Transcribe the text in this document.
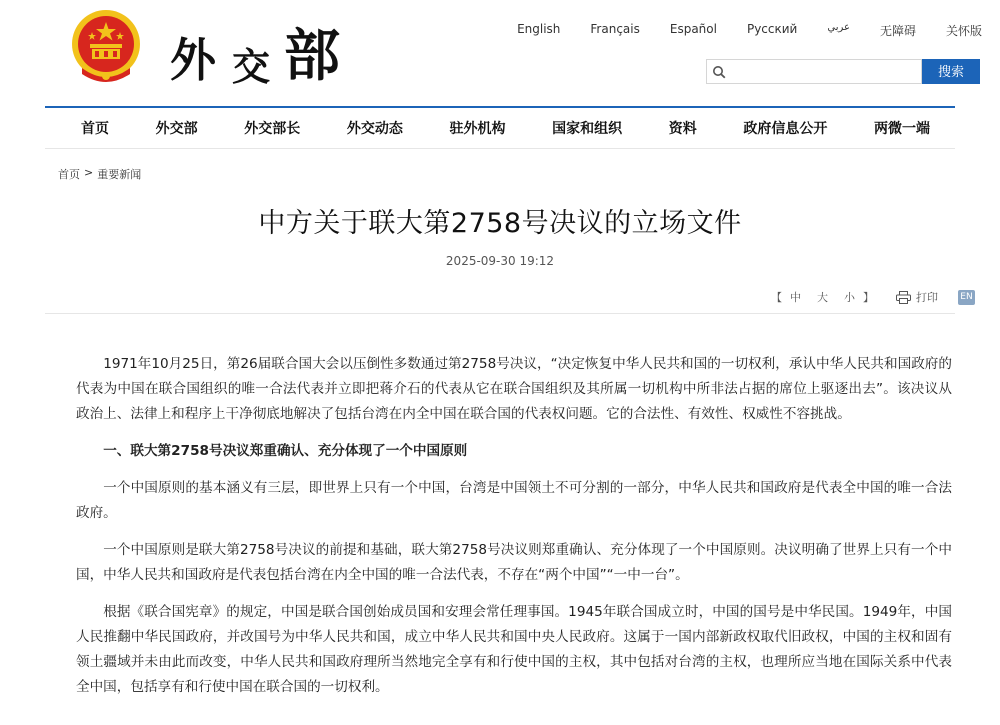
外 交 部	English	Français	Español	Русский	عربي	无障碍	关怀版
搜索
首页	外交部	外交部长	外交动态	驻外机构	国家和组织	资料	政府信息公开	两微一端
首页 > 重要新闻
中方关于联大第2758号决议的立场文件
2025-09-30 19:12
【 中 大 小 】	打印 EN

1971年10月25日，第26届联合国大会以压倒性多数通过第2758号决议，“决定恢复中华人民共和国的一切权利，承认中华人民共和国政府的代表为中国在联合国组织的唯一合法代表并立即把蒋介石的代表从它在联合国组织及其所属一切机构中所非法占据的席位上驱逐出去”。该决议从政治上、法律上和程序上干净彻底地解决了包括台湾在内全中国在联合国的代表权问题。它的合法性、有效性、权威性不容挑战。

一、联大第2758号决议郑重确认、充分体现了一个中国原则

一个中国原则的基本涵义有三层，即世界上只有一个中国，台湾是中国领土不可分割的一部分，中华人民共和国政府是代表全中国的唯一合法政府。

一个中国原则是联大第2758号决议的前提和基础，联大第2758号决议则郑重确认、充分体现了一个中国原则。决议明确了世界上只有一个中国，中华人民共和国政府是代表包括台湾在内全中国的唯一合法代表，不存在“两个中国”“一中一台”。

根据《联合国宪章》的规定，中国是联合国创始成员国和安理会常任理事国。1945年联合国成立时，中国的国号是中华民国。1949年，中国人民推翻中华民国政府，并改国号为中华人民共和国，成立中华人民共和国中央人民政府。这属于一国内部新政权取代旧政权，中国的主权和固有领土疆域并未由此而改变，中华人民共和国政府理所当然地完全享有和行使中国的主权，其中包括对台湾的主权，也理所应当地在国际关系中代表全中国，包括享有和行使中国在联合国的一切权利。
